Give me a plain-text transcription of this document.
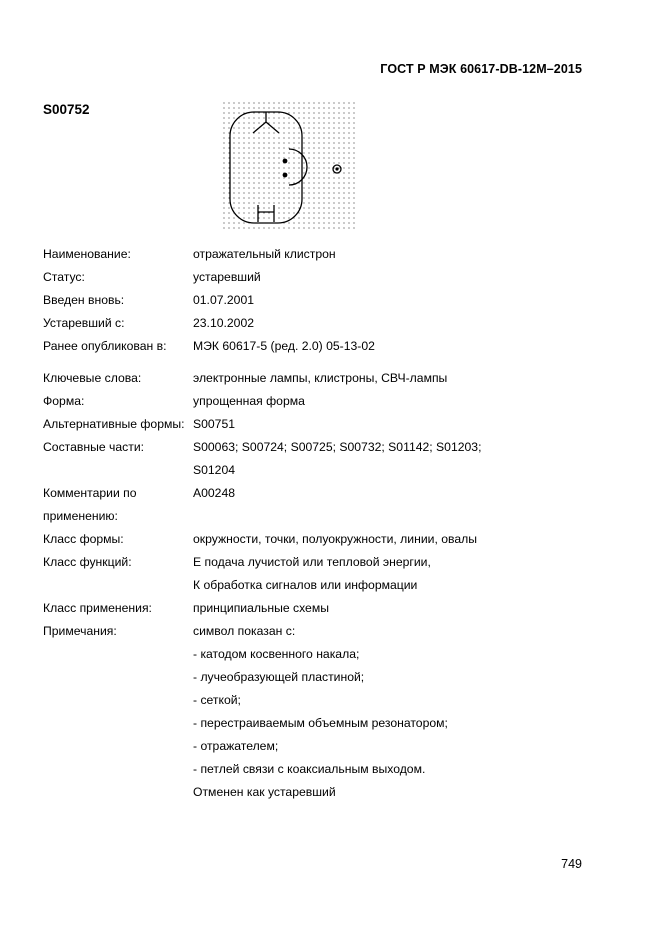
ГОСТ Р МЭК 60617-DB-12M–2015
S00752
Наименование:	отражательный клистрон
Статус:	устаревший
Введен вновь:	01.07.2001
Устаревший с:	23.10.2002
Ранее опубликован в:	МЭК 60617-5 (ред. 2.0) 05-13-02
Ключевые слова:	электронные лампы, клистроны, СВЧ-лампы
Форма:	упрощенная форма
Альтернативные формы: S00751
Составные части:	S00063; S00724; S00725; S00732; S01142; S01203;
S01204
Комментарии по применению:
A00248
Класс формы:	окружности, точки, полуокружности, линии, овалы
Класс функций:	Е подача лучистой или тепловой энергии,
К обработка сигналов или информации
Класс применения:	принципиальные схемы
Примечания:	символ показан с:
- катодом косвенного накала;
- лучеобразующей пластиной;
- сеткой;
- перестраиваемым объемным резонатором;
- отражателем;
- петлей связи с коаксиальным выходом.
Отменен как устаревший
749
